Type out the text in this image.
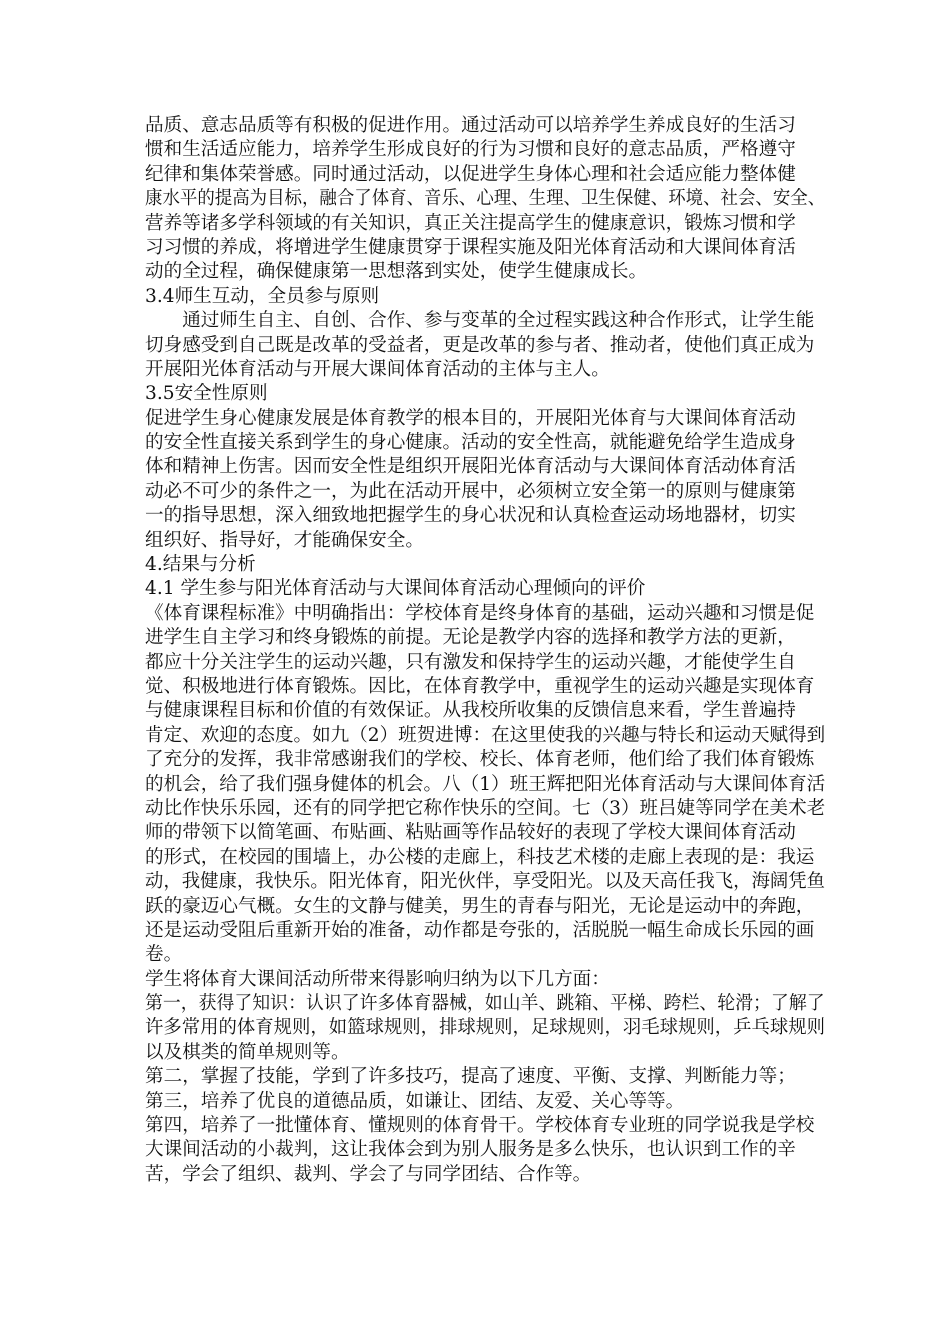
品质、意志品质等有积极的促进作用。通过活动可以培养学生养成良好的生活习
惯和生活适应能力，培养学生形成良好的行为习惯和良好的意志品质，严格遵守
纪律和集体荣誉感。同时通过活动，以促进学生身体心理和社会适应能力整体健
康水平的提高为目标，融合了体育、音乐、心理、生理、卫生保健、环境、社会、安全、
营养等诸多学科领域的有关知识，真正关注提高学生的健康意识，锻炼习惯和学
习习惯的养成，将增进学生健康贯穿于课程实施及阳光体育活动和大课间体育活
动的全过程，确保健康第一思想落到实处，使学生健康成长。
3.4师生互动，全员参与原则
　　通过师生自主、自创、合作、参与变革的全过程实践这种合作形式，让学生能
切身感受到自己既是改革的受益者，更是改革的参与者、推动者，使他们真正成为
开展阳光体育活动与开展大课间体育活动的主体与主人。
3.5安全性原则
促进学生身心健康发展是体育教学的根本目的，开展阳光体育与大课间体育活动
的安全性直接关系到学生的身心健康。活动的安全性高，就能避免给学生造成身
体和精神上伤害。因而安全性是组织开展阳光体育活动与大课间体育活动体育活
动必不可少的条件之一，为此在活动开展中，必须树立安全第一的原则与健康第
一的指导思想，深入细致地把握学生的身心状况和认真检查运动场地器材，切实
组织好、指导好，才能确保安全。
4.结果与分析
4.1 学生参与阳光体育活动与大课间体育活动心理倾向的评价
《体育课程标准》中明确指出：学校体育是终身体育的基础，运动兴趣和习惯是促
进学生自主学习和终身锻炼的前提。无论是教学内容的选择和教学方法的更新，
都应十分关注学生的运动兴趣，只有激发和保持学生的运动兴趣，才能使学生自
觉、积极地进行体育锻炼。因比，在体育教学中，重视学生的运动兴趣是实现体育
与健康课程目标和价值的有效保证。从我校所收集的反馈信息来看，学生普遍持
肯定、欢迎的态度。如九（2）班贺进博：在这里使我的兴趣与特长和运动天赋得到
了充分的发挥，我非常感谢我们的学校、校长、体育老师，他们给了我们体育锻炼
的机会，给了我们强身健体的机会。八（1）班王辉把阳光体育活动与大课间体育活
动比作快乐乐园，还有的同学把它称作快乐的空间。七（3）班吕婕等同学在美术老
师的带领下以简笔画、布贴画、粘贴画等作品较好的表现了学校大课间体育活动
的形式，在校园的围墙上，办公楼的走廊上，科技艺术楼的走廊上表现的是：我运
动，我健康，我快乐。阳光体育，阳光伙伴，享受阳光。以及天高任我飞，海阔凭鱼
跃的豪迈心气概。女生的文静与健美，男生的青春与阳光，无论是运动中的奔跑，
还是运动受阻后重新开始的准备，动作都是夸张的，活脱脱一幅生命成长乐园的画
卷。
学生将体育大课间活动所带来得影响归纳为以下几方面：
第一，获得了知识：认识了许多体育器械，如山羊、跳箱、平梯、跨栏、轮滑；了解了
许多常用的体育规则，如篮球规则，排球规则，足球规则，羽毛球规则，乒乓球规则
以及棋类的简单规则等。
第二，掌握了技能，学到了许多技巧，提高了速度、平衡、支撑、判断能力等；
第三，培养了优良的道德品质，如谦让、团结、友爱、关心等等。
第四，培养了一批懂体育、懂规则的体育骨干。学校体育专业班的同学说我是学校
大课间活动的小裁判，这让我体会到为别人服务是多么快乐，也认识到工作的辛
苦，学会了组织、裁判、学会了与同学团结、合作等。
